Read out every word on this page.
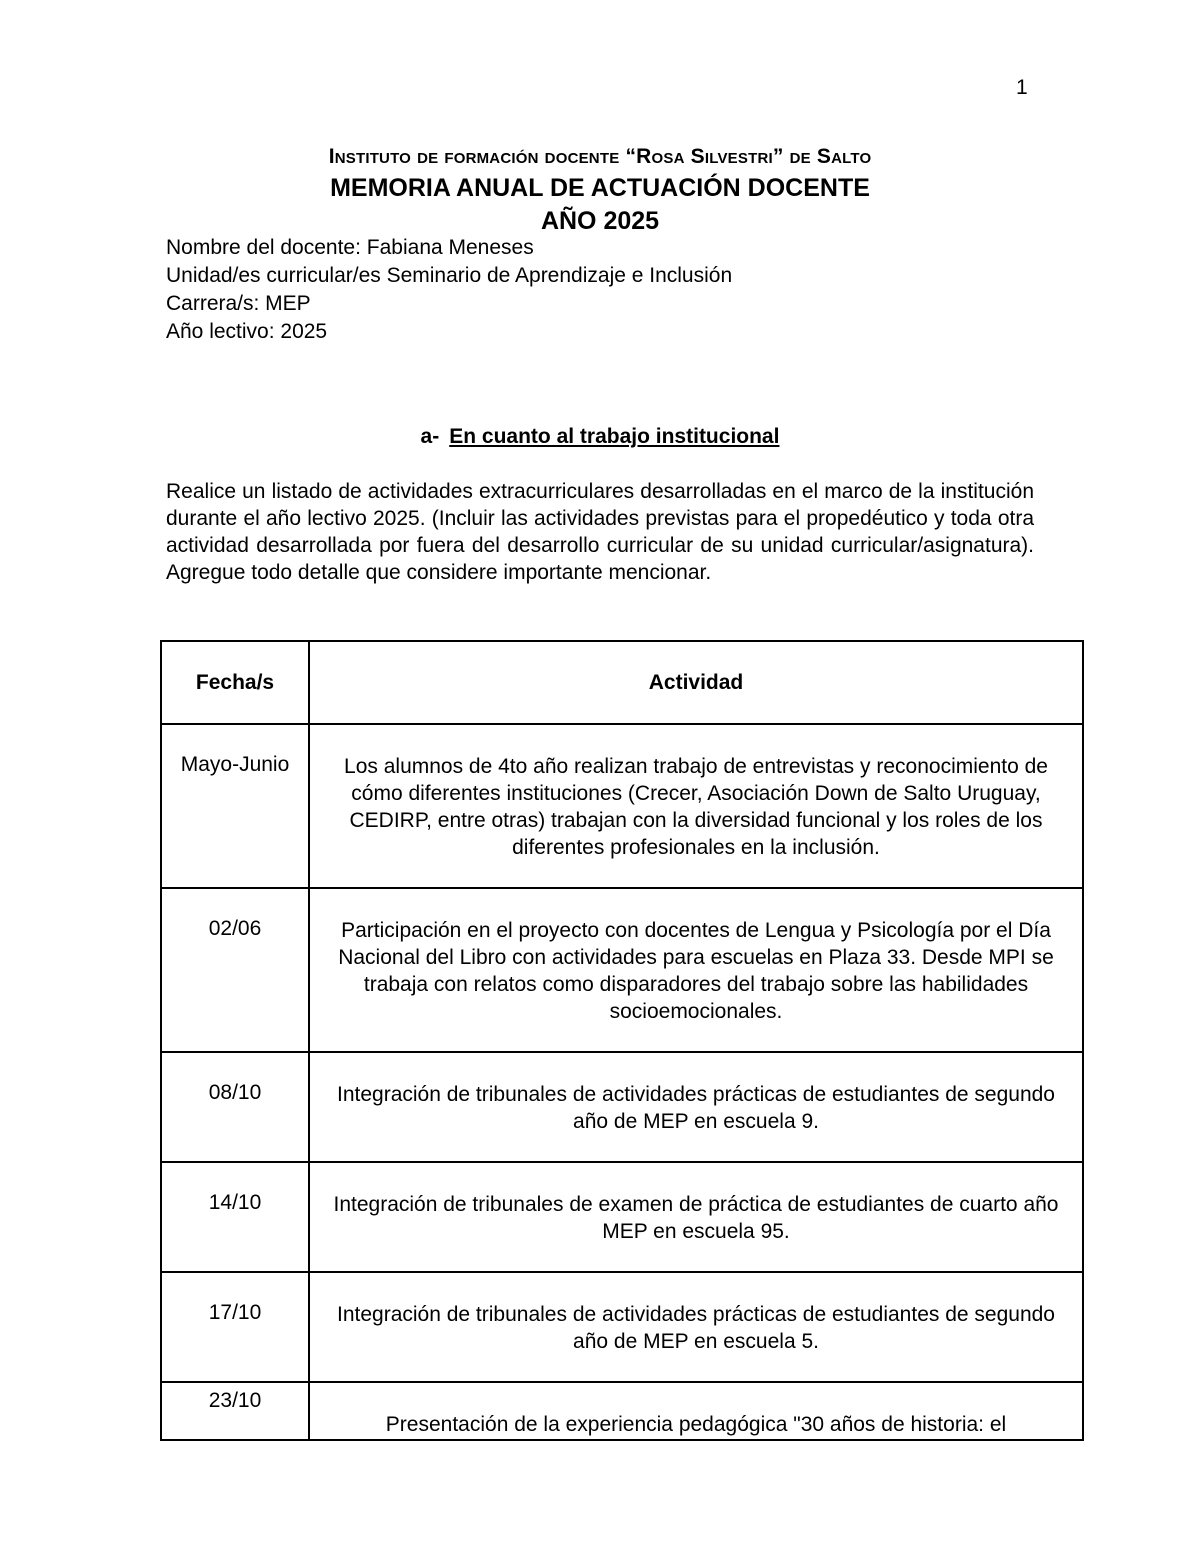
1
Instituto de formación docente “Rosa Silvestri” de Salto
MEMORIA ANUAL DE ACTUACIÓN DOCENTE
AÑO 2025
Nombre del docente: Fabiana Meneses
Unidad/es curricular/es Seminario de Aprendizaje e Inclusión
Carrera/s: MEP
Año lectivo: 2025
a- En cuanto al trabajo institucional
Realice un listado de actividades extracurriculares desarrolladas en el marco de la institución durante el año lectivo 2025. (Incluir las actividades previstas para el propedéutico y toda otra actividad desarrollada por fuera del desarrollo curricular de su unidad curricular/asignatura). Agregue todo detalle que considere importante mencionar.
Fecha/s	Actividad
Mayo-Junio	Los alumnos de 4to año realizan trabajo de entrevistas y reconocimiento de cómo diferentes instituciones (Crecer, Asociación Down de Salto Uruguay, CEDIRP, entre otras) trabajan con la diversidad funcional y los roles de los diferentes profesionales en la inclusión.
02/06	Participación en el proyecto con docentes de Lengua y Psicología por el Día Nacional del Libro con actividades para escuelas en Plaza 33. Desde MPI se trabaja con relatos como disparadores del trabajo sobre las habilidades socioemocionales.
08/10	Integración de tribunales de actividades prácticas de estudiantes de segundo año de MEP en escuela 9.
14/10	Integración de tribunales de examen de práctica de estudiantes de cuarto año MEP en escuela 95.
17/10	Integración de tribunales de actividades prácticas de estudiantes de segundo año de MEP en escuela 5.
23/10	Presentación de la experiencia pedagógica "30 años de historia: el
